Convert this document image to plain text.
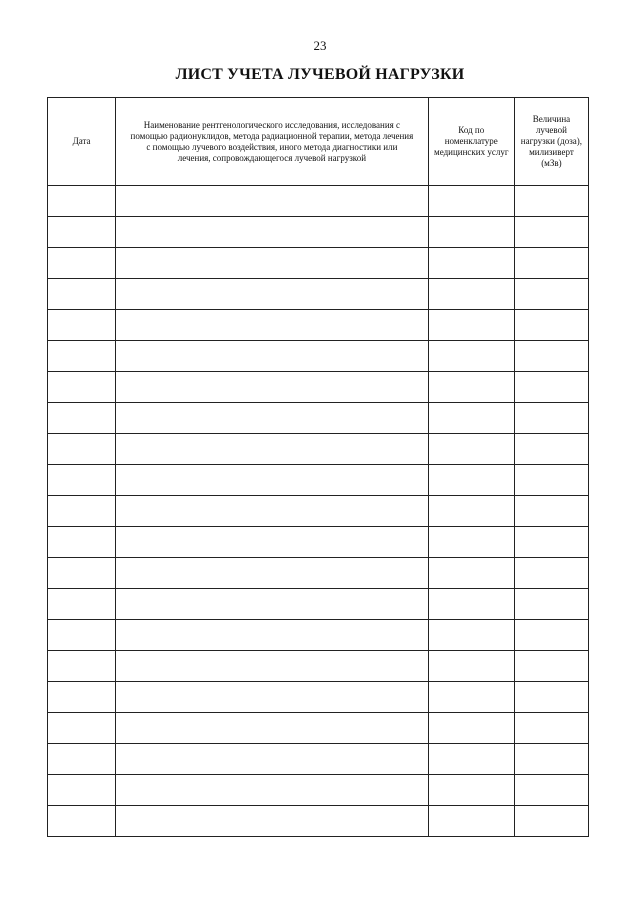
23
ЛИСТ УЧЕТА ЛУЧЕВОЙ НАГРУЗКИ
Дата	Наименование рентгенологического исследования, исследования с помощью радионуклидов, метода радиационной терапии, метода лечения с помощью лучевого воздействия, иного метода диагностики или лечения, сопровождающегося лучевой нагрузкой	Код по номенклатуре медицинских услуг	Величина лучевой нагрузки (доза), милизиверт (мЗв)
